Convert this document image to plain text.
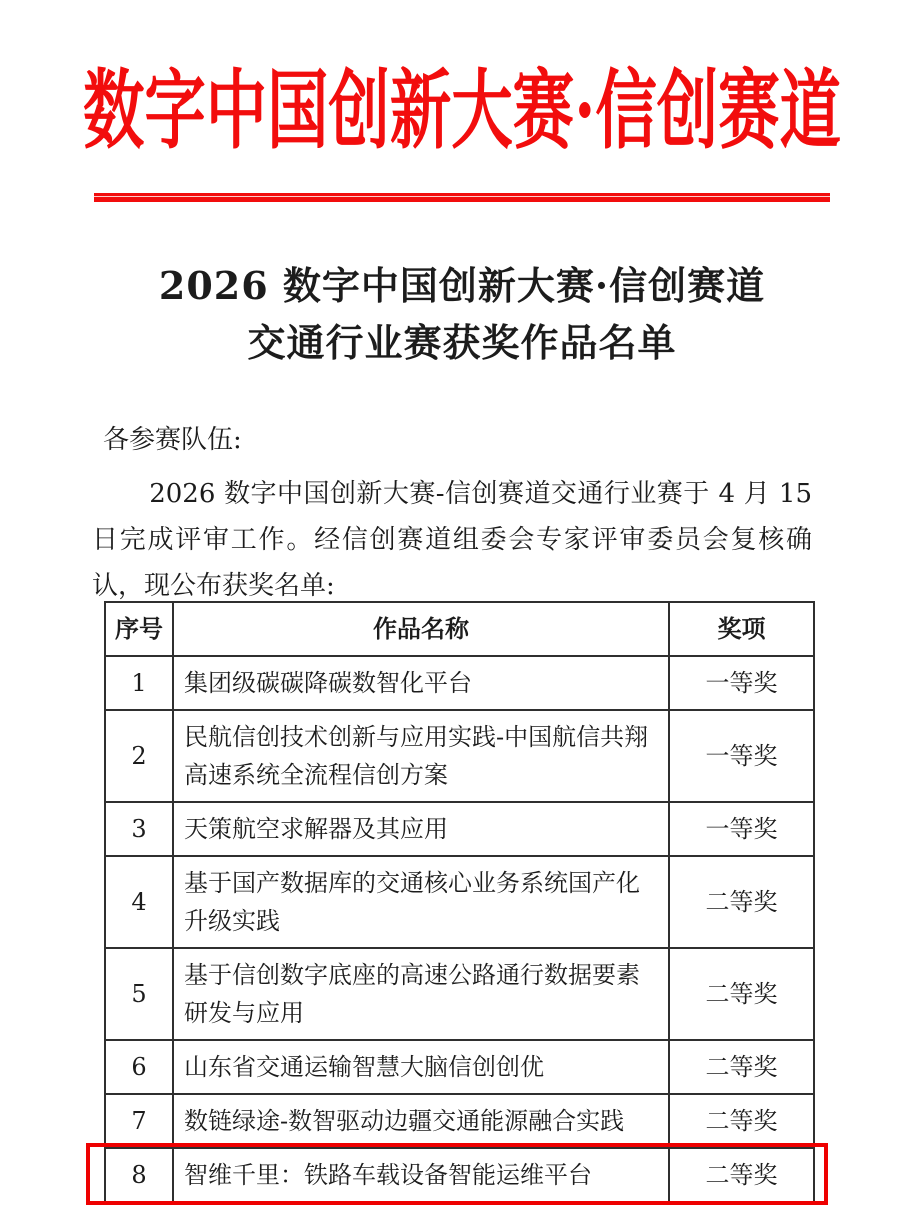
数字中国创新大赛·信创赛道
2026 数字中国创新大赛·信创赛道
交通行业赛获奖作品名单

各参赛队伍:

2026 数字中国创新大赛-信创赛道交通行业赛于 4 月 15 日完成评审工作。经信创赛道组委会专家评审委员会复核确认，现公布获奖名单:

序号	作品名称	奖项
1	集团级碳碳降碳数智化平台	一等奖
2	民航信创技术创新与应用实践-中国航信共翔高速系统全流程信创方案	一等奖
3	天策航空求解器及其应用	一等奖
4	基于国产数据库的交通核心业务系统国产化升级实践	二等奖
5	基于信创数字底座的高速公路通行数据要素研发与应用	二等奖
6	山东省交通运输智慧大脑信创创优	二等奖
7	数链绿途-数智驱动边疆交通能源融合实践	二等奖
8	智维千里：铁路车载设备智能运维平台	二等奖
